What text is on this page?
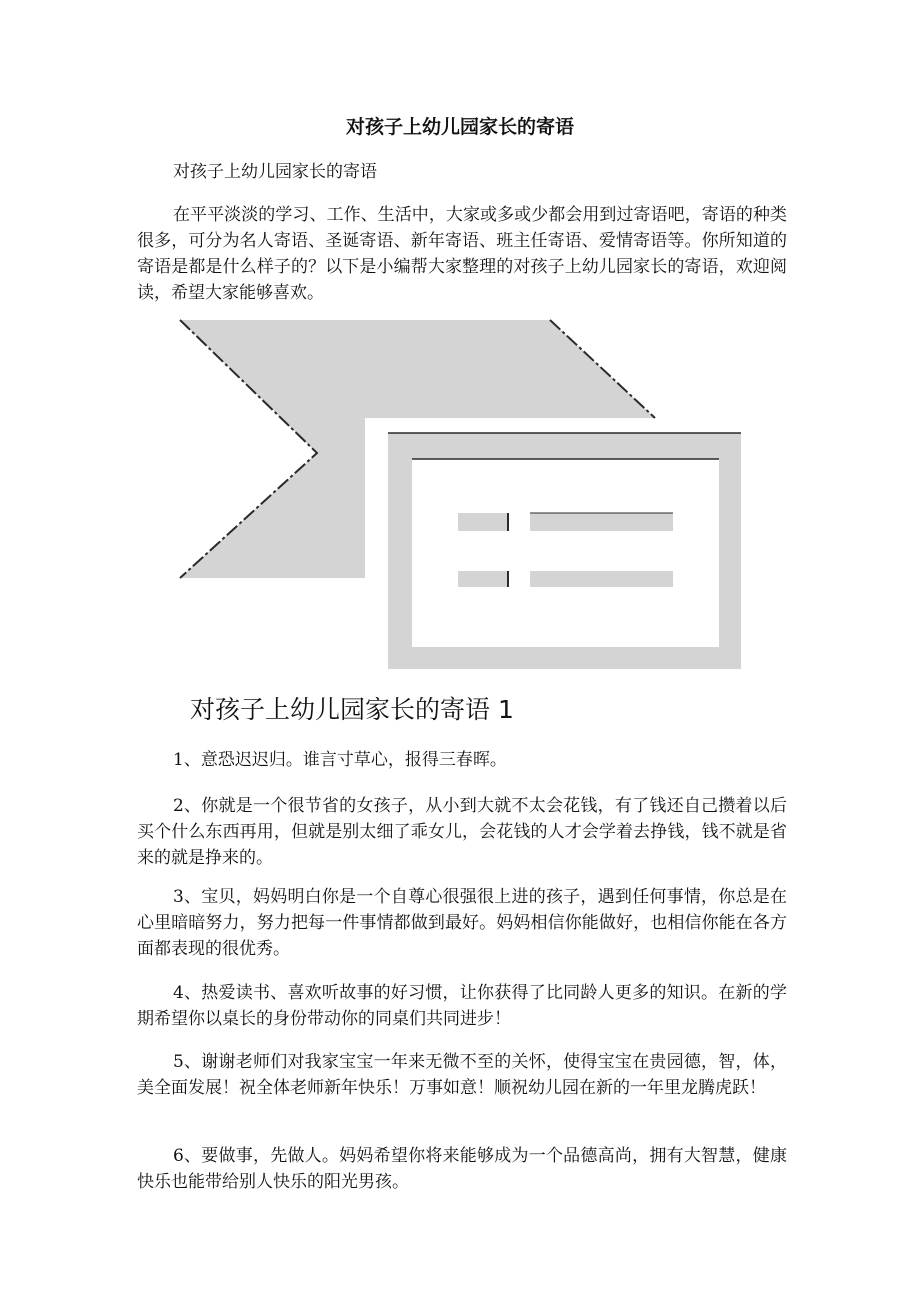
对孩子上幼儿园家长的寄语

对孩子上幼儿园家长的寄语

在平平淡淡的学习、工作、生活中，大家或多或少都会用到过寄语吧，寄语的种类很多，可分为名人寄语、圣诞寄语、新年寄语、班主任寄语、爱情寄语等。你所知道的寄语是都是什么样子的？以下是小编帮大家整理的对孩子上幼儿园家长的寄语，欢迎阅读，希望大家能够喜欢。

对孩子上幼儿园家长的寄语 1

1、意恐迟迟归。谁言寸草心，报得三春晖。

2、你就是一个很节省的女孩子，从小到大就不太会花钱，有了钱还自己攒着以后买个什么东西再用，但就是别太细了乖女儿，会花钱的人才会学着去挣钱，钱不就是省来的就是挣来的。

3、宝贝，妈妈明白你是一个自尊心很强很上进的孩子，遇到任何事情，你总是在心里暗暗努力，努力把每一件事情都做到最好。妈妈相信你能做好，也相信你能在各方面都表现的很优秀。

4、热爱读书、喜欢听故事的好习惯，让你获得了比同龄人更多的知识。在新的学期希望你以桌长的身份带动你的同桌们共同进步！

5、谢谢老师们对我家宝宝一年来无微不至的关怀，使得宝宝在贵园德，智，体，美全面发展！祝全体老师新年快乐！万事如意！顺祝幼儿园在新的一年里龙腾虎跃！

6、要做事，先做人。妈妈希望你将来能够成为一个品德高尚，拥有大智慧，健康快乐也能带给别人快乐的阳光男孩。
